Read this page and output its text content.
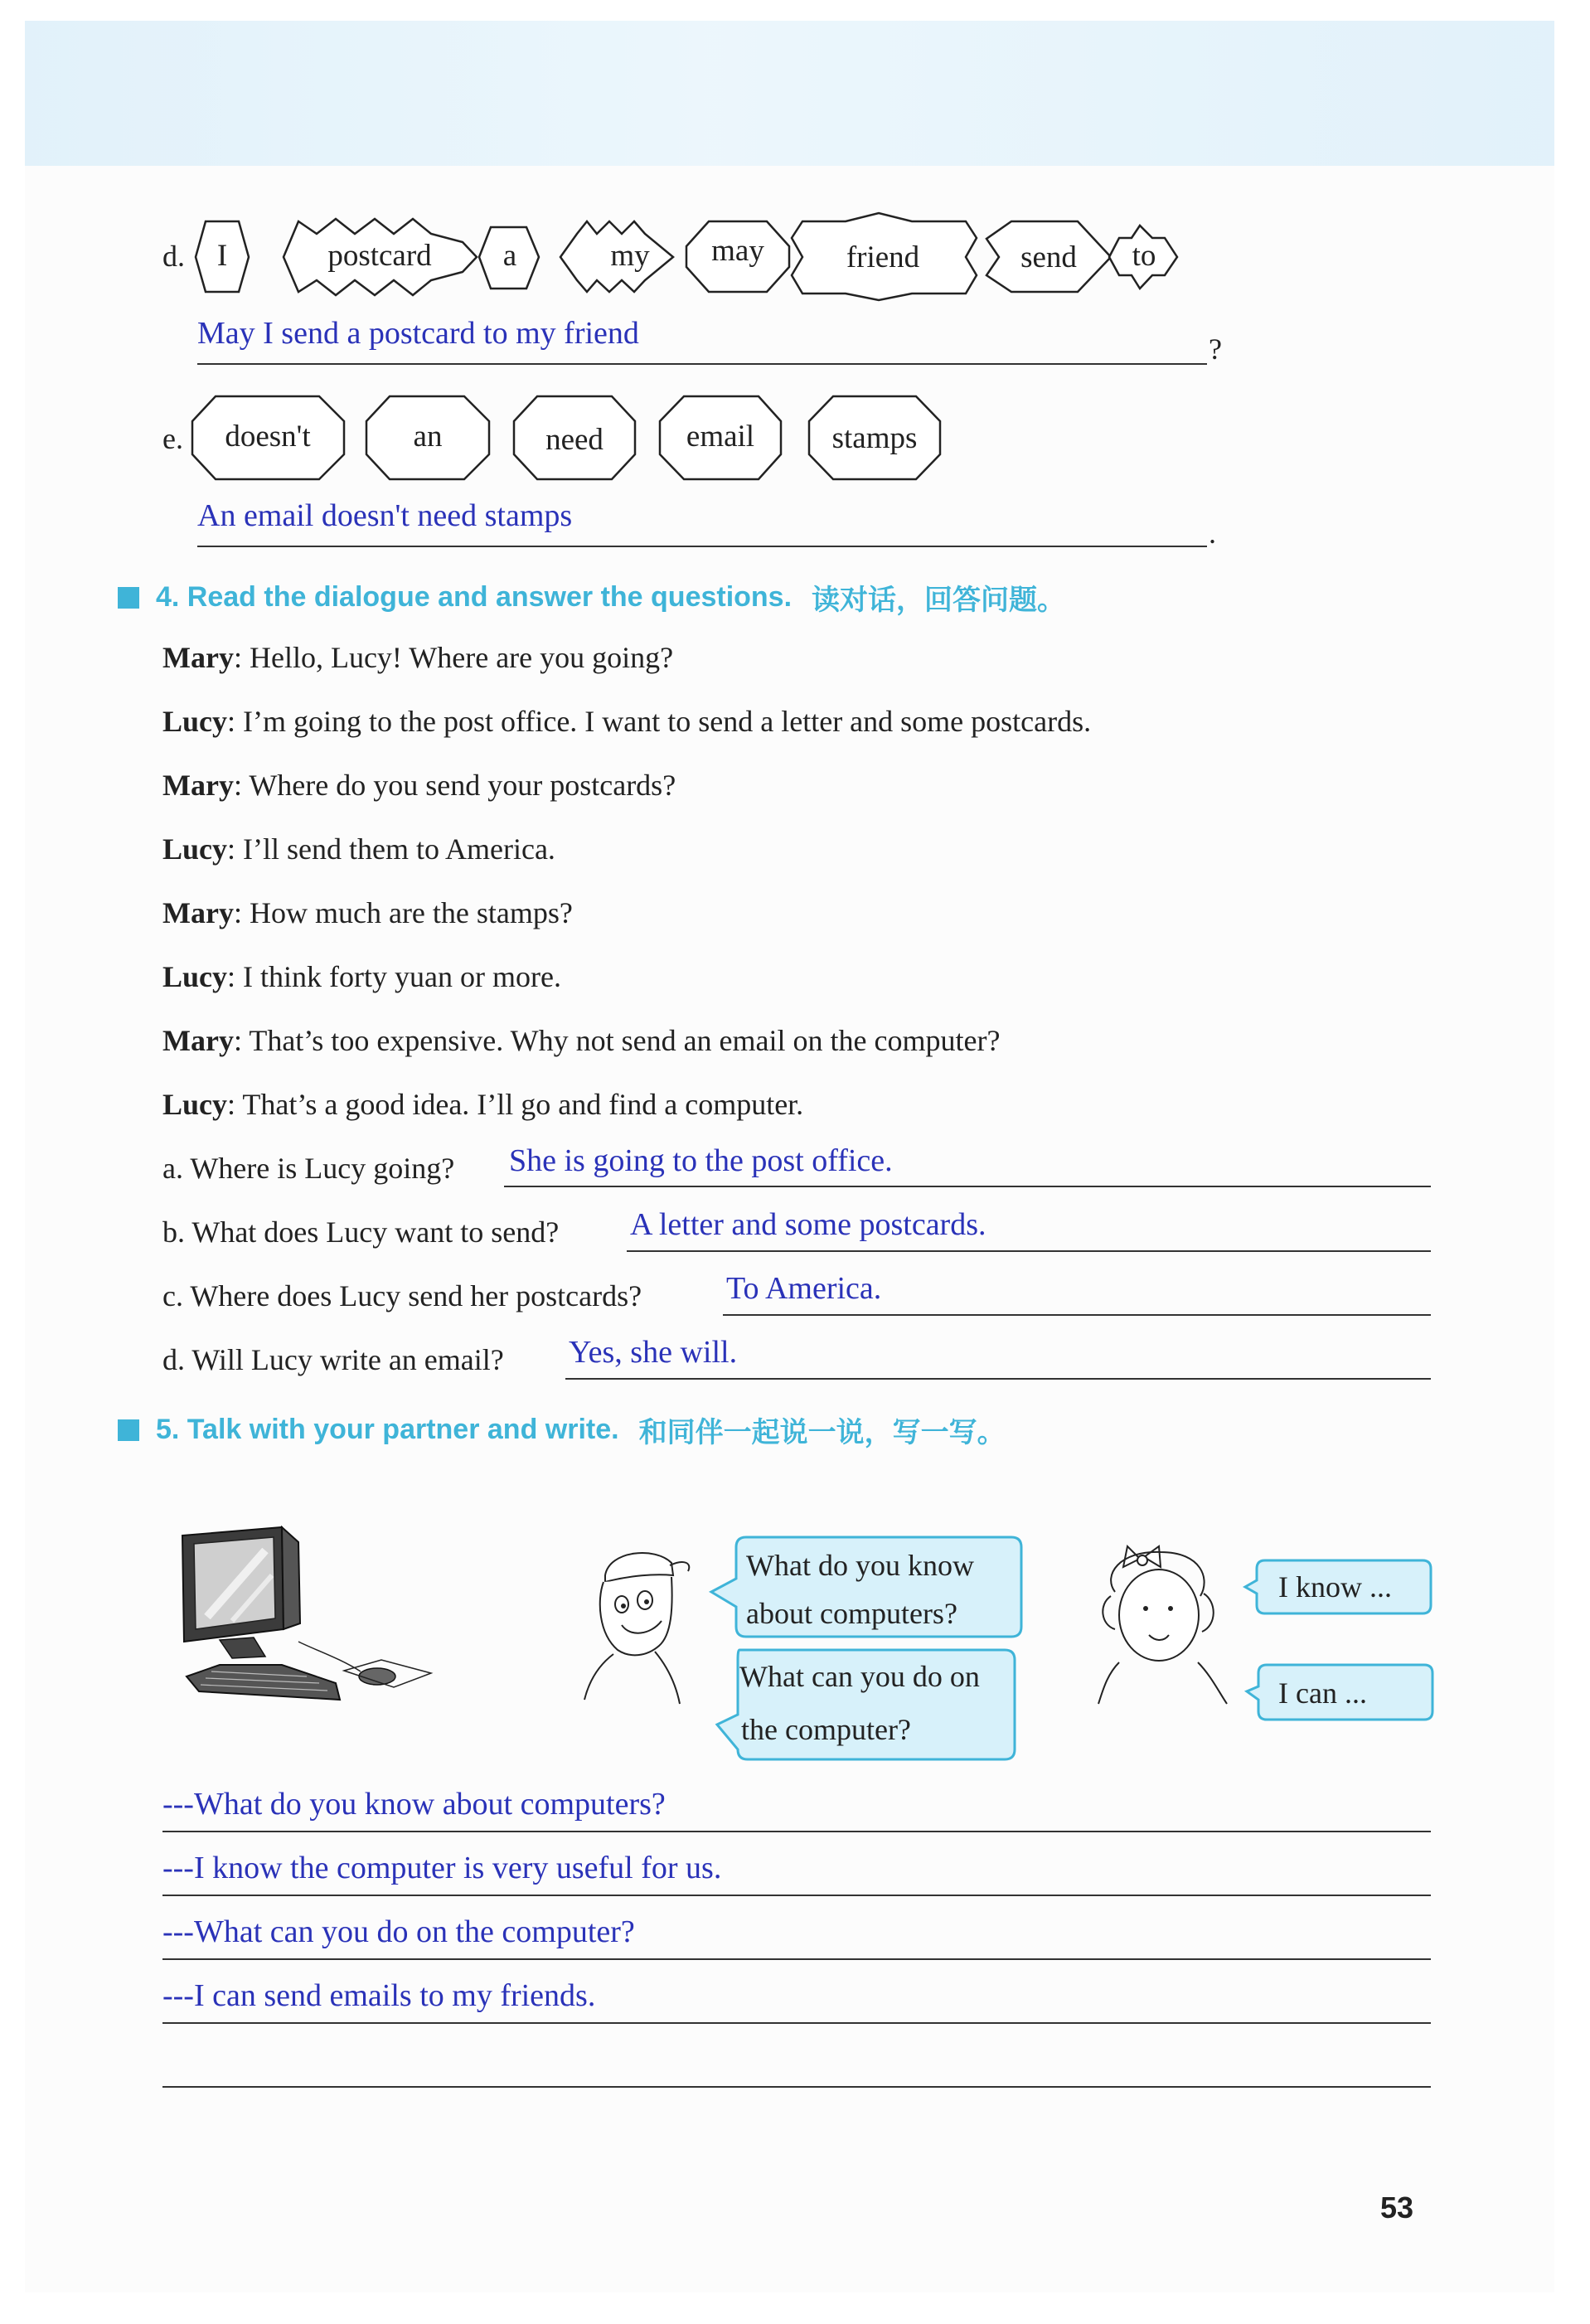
d. I	postcard a	my may	friend	send to
May I send a postcard to my friend	?
e. doesn't	an	need	email	stamps
An email doesn't need stamps	.
4. Read the dialogue and answer the questions. 读对话，回答问题。
Mary: Hello, Lucy! Where are you going?
Lucy: I’m going to the post office. I want to send a letter and some postcards.
Mary: Where do you send your postcards?
Lucy: I’ll send them to America.
Mary: How much are the stamps?
Lucy: I think forty yuan or more.
Mary: That’s too expensive. Why not send an email on the computer?
Lucy: That’s a good idea. I’ll go and find a computer.
a. Where is Lucy going? She is going to the post office.
b. What does Lucy want to send? A letter and some postcards.
c. Where does Lucy send her postcards?	To America.
d. Will Lucy write an email? Yes, she will.
5. Talk with your partner and write. 和同伴一起说一说，写一写。
What do you know
about computers?
What can you do on
the computer?
I know ...
I can ...
---What do you know about computers?
---I know the computer is very useful for us.
---What can you do on the computer?
---I can send emails to my friends.
53
